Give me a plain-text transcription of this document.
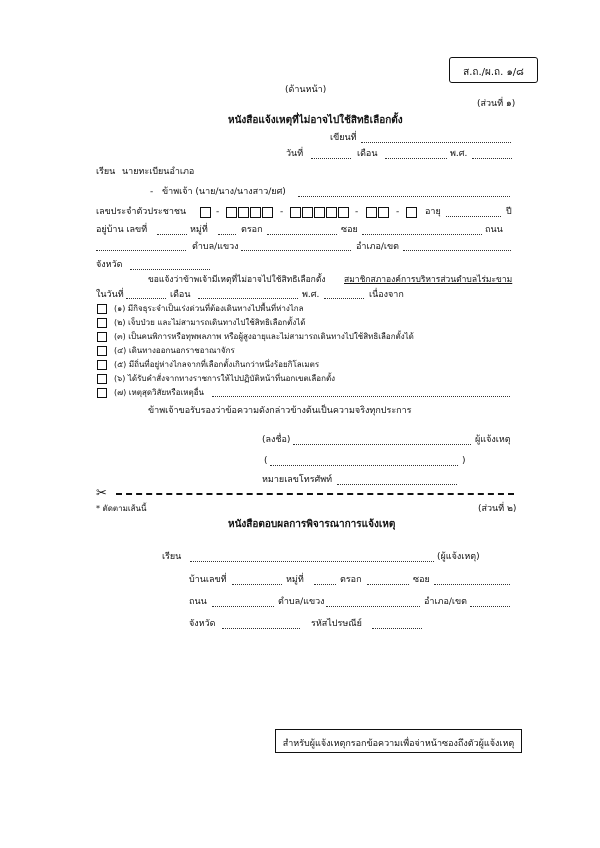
ส.ถ./ผ.ถ. ๑/๘
(ด้านหน้า)
(ส่วนที่ ๑)
หนังสือแจ้งเหตุที่ไม่อาจไปใช้สิทธิเลือกตั้ง
เขียนที่
วันที่	เดือน	พ.ศ.
เรียน นายทะเบียนอำเภอ
- ข้าพเจ้า (นาย/นาง/นางสาว/ยศ)
เลขประจำตัวประชาชน	-	-	-	-	อายุ	ปี
อยู่บ้าน เลขที่	หมู่ที่	ตรอก	ซอย	ถนน
ตำบล/แขวง	อำเภอ/เขต
จังหวัด
ขอแจ้งว่าข้าพเจ้ามีเหตุที่ไม่อาจไปใช้สิทธิเลือกตั้ง สมาชิกสภาองค์การบริหารส่วนตำบลไร่มะขาม
ในวันที่	เดือน	พ.ศ.	เนื่องจาก
(๑) มีกิจธุระจำเป็นเร่งด่วนที่ต้องเดินทางไปพื้นที่ห่างไกล
(๒) เจ็บป่วย และไม่สามารถเดินทางไปใช้สิทธิเลือกตั้งได้
(๓) เป็นคนพิการหรือทุพพลภาพ หรือผู้สูงอายุและไม่สามารถเดินทางไปใช้สิทธิเลือกตั้งได้
(๔) เดินทางออกนอกราชอาณาจักร
(๕) มีถิ่นที่อยู่ห่างไกลจากที่เลือกตั้งเกินกว่าหนึ่งร้อยกิโลเมตร
(๖) ได้รับคำสั่งจากทางราชการให้ไปปฏิบัติหน้าที่นอกเขตเลือกตั้ง
(๗) เหตุสุดวิสัยหรือเหตุอื่น
ข้าพเจ้าขอรับรองว่าข้อความดังกล่าวข้างต้นเป็นความจริงทุกประการ
(ลงชื่อ)	ผู้แจ้งเหตุ
(	)
หมายเลขโทรศัพท์
✂
* ตัดตามเส้นนี้	(ส่วนที่ ๒)
หนังสือตอบผลการพิจารณาการแจ้งเหตุ
เรียน	(ผู้แจ้งเหตุ)
บ้านเลขที่	หมู่ที่	ตรอก	ซอย
ถนน	ตำบล/แขวง	อำเภอ/เขต
จังหวัด	รหัสไปรษณีย์
สำหรับผู้แจ้งเหตุกรอกข้อความเพื่อจ่าหน้าซองถึงตัวผู้แจ้งเหตุ
